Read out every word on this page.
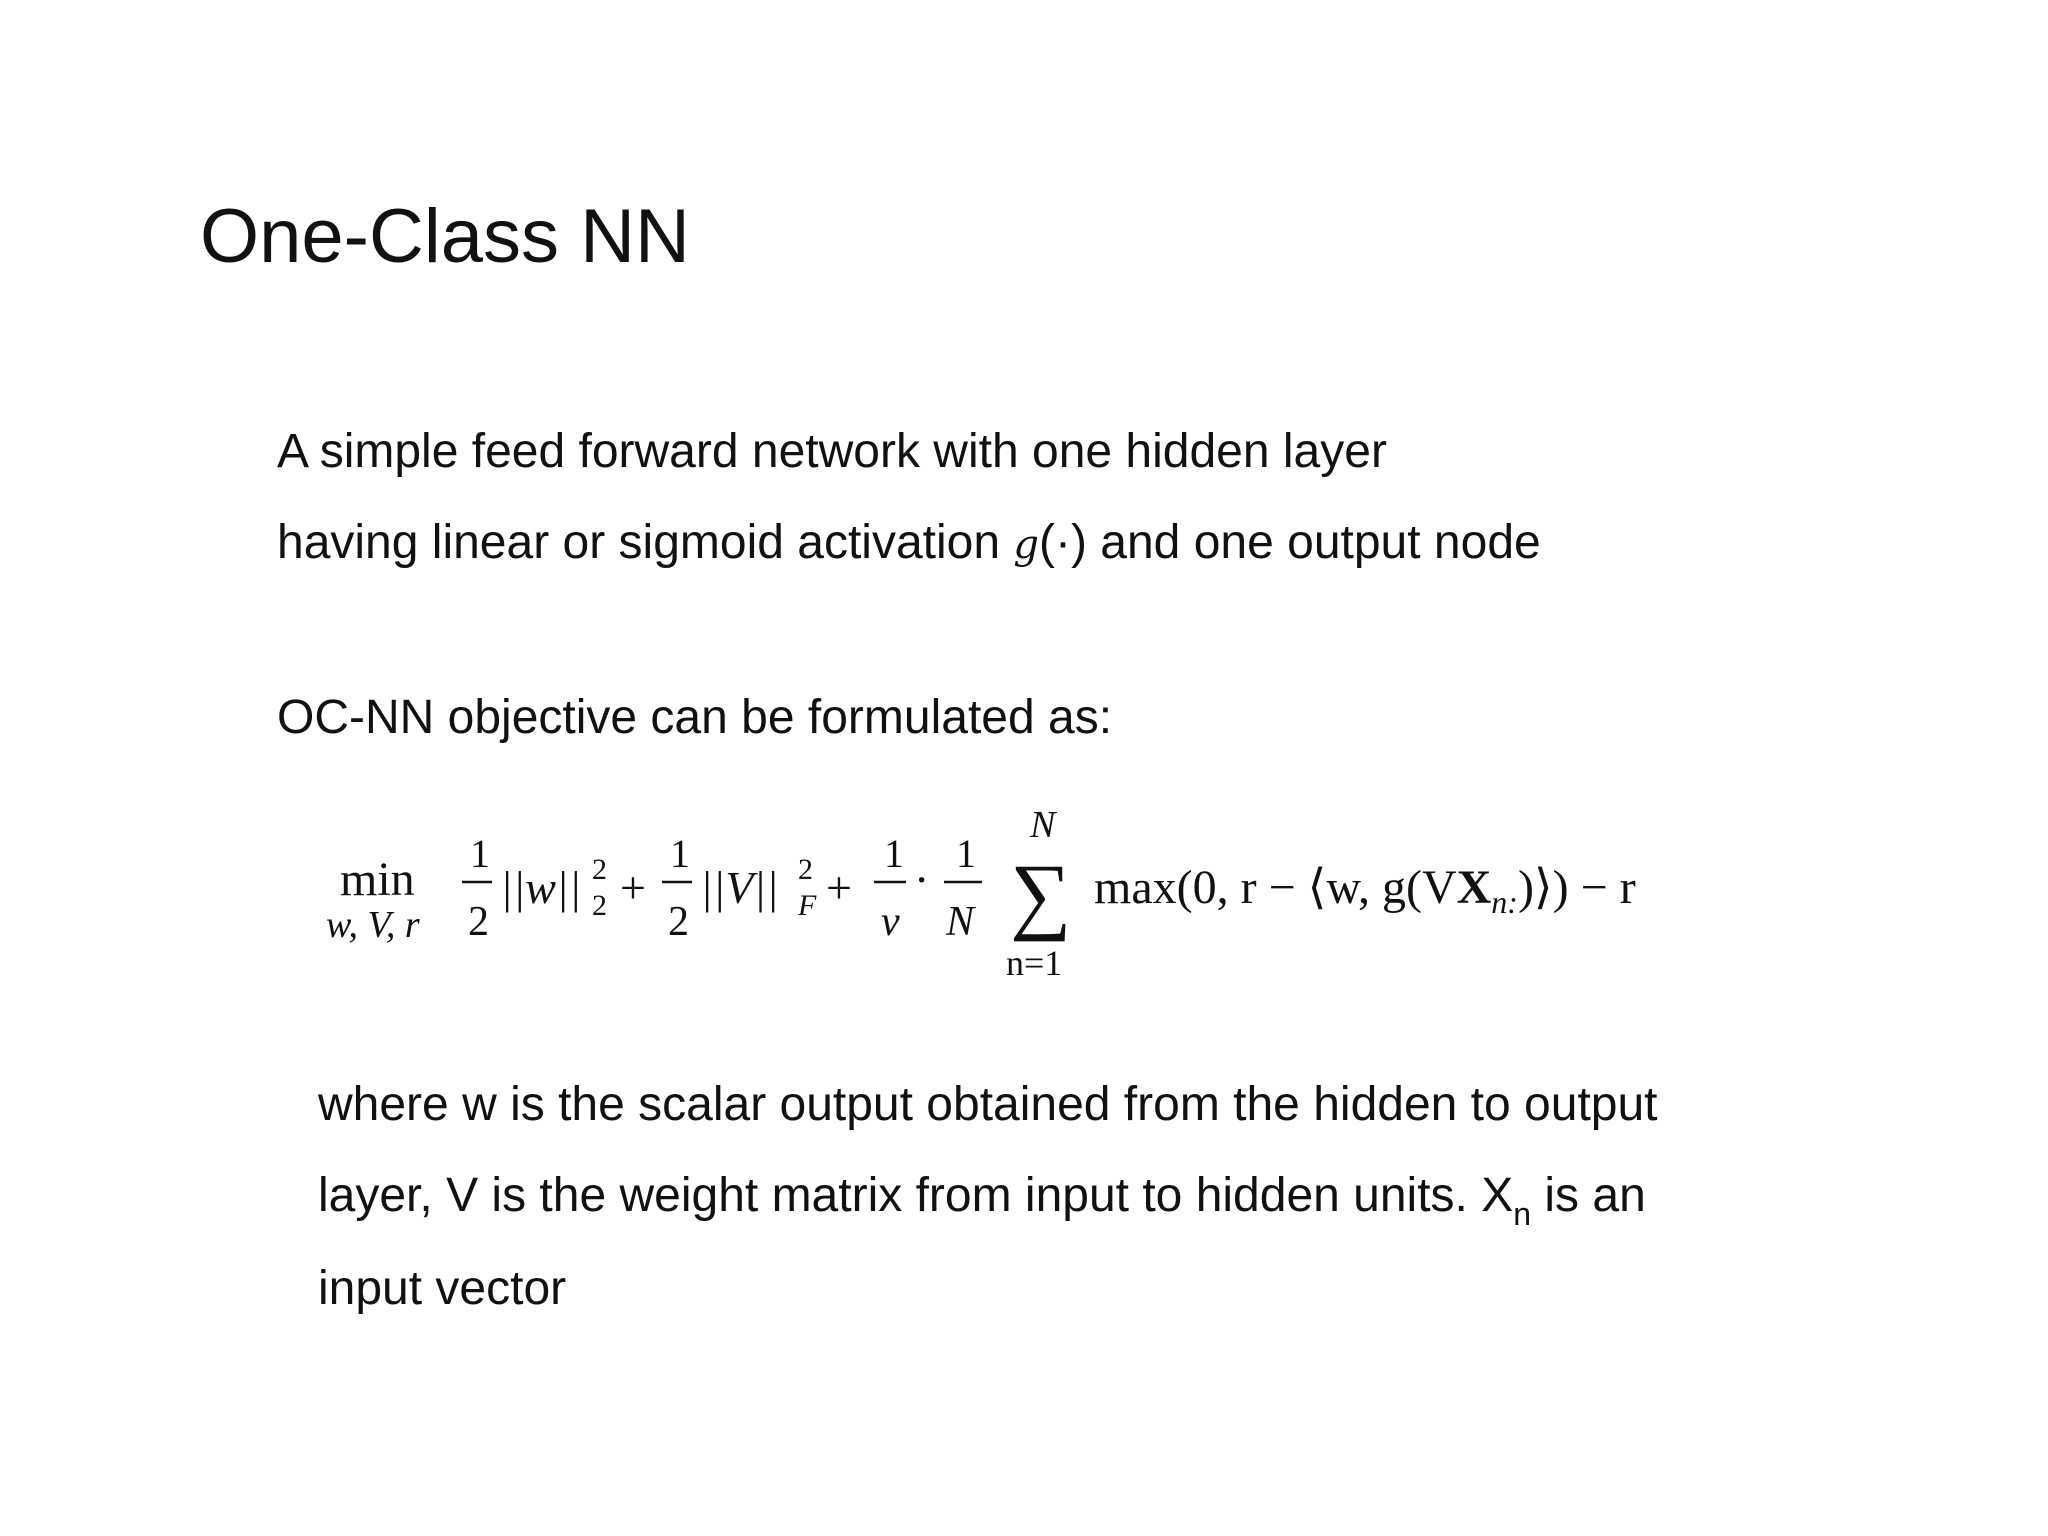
One-Class NN
A simple feed forward network with one hidden layer
having linear or sigmoid activation g(·) and one output node
OC-NN objective can be formulated as:
min
w, V, r
1
2
||w|| 2
2 +
1
2
||V|| 2
F +
1
ν
·
1
N
N
∑
n=1
max(0, r − ⟨w, $g(VX_{n:})⟩) - r$
where w is the scalar output obtained from the hidden to output
layer, V is the weight matrix from input to hidden units. $X_n$ is an
input vector
